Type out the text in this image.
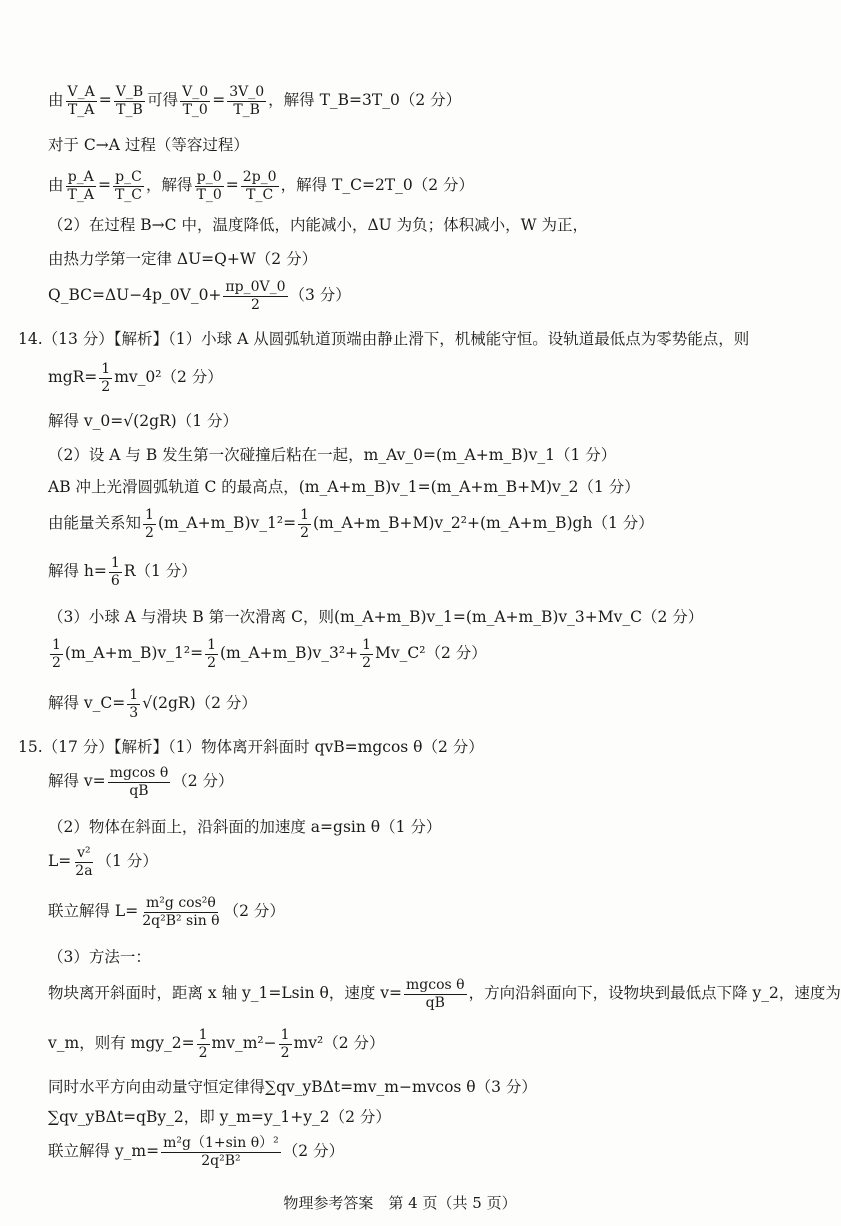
物理参考答案　第 4 页（共 5 页）
由 $\frac{V\_A}{T\_A} = \frac{V\_B}{T\_B}$ 可得 $\frac{V\_0}{T\_0} = \frac{3V\_0}{T\_B}$ ，解得 T_B=3T_0（2 分）
对于 C→A 过程（等容过程）
由 $\frac{p\_A}{T\_A} = \frac{p\_C}{T\_C}$ ，解得 $\frac{p\_0}{T\_0} = \frac{2p\_0}{T\_C}$ ，解得 T_C=2T_0（2 分）
（2）在过程 B→C 中，温度降低，内能减小，ΔU 为负；体积减小，W 为正，
由热力学第一定律 ΔU=Q+W（2 分）
Q_BC=ΔU−4p_0V_0+ $\frac{\pi p\_0V\_0}{2} (3$ 分）
14.（13 分）【解析】（1）小球 A 从圆弧轨道顶端由静止滑下，机械能守恒。设轨道最低点为零势能点，则
$mgR= \frac{1}{2}$ mv_0²（2 分）
解得 v_0=√(2gR)（1 分）
（2）设 A 与 B 发生第一次碰撞后粘在一起，m_Av_0=(m_A+m_B)v_1（1 分）
AB 冲上光滑圆弧轨道 C 的最高点，(m_A+m_B)v_1=(m_A+m_B+M)v_2（1 分）
由能量关系知 $\frac{1}{2}$ (m_A+m_B)v_1²= $\frac{1}{2}$ (m_A+m_B+M)v_2²+(m_A+m_B)gh（1 分）
解得 $h= \frac{1}{6} R(1$ 分）
（3）小球 A 与滑块 B 第一次滑离 C，则(m_A+m_B)v_1=(m_A+m_B)v_3+Mv_C（2 分）
$\frac{1}{2}$ (m_A+m_B)v_1²= $\frac{1}{2}$ (m_A+m_B)v_3²+ $\frac{1}{2}$ Mv_C²（2 分）
解得 v_C= $\frac{1}{3} √(2gR)(2$ 分）
15.（17 分）【解析】（1）物体离开斜面时 qvB=mgcos θ（2 分）
解得 $v= \frac{\text{mgcos θ}}{qB} (2$ 分）
（2）物体在斜面上，沿斜面的加速度 a=gsin θ（1 分）
$L= \frac{\text{v²}}{2a} (1$ 分）
联立解得 $L= \frac{\text{m²g cos²θ}}{\text{2q²B² sin θ}} (2$ 分）
（3）方法一：
物块离开斜面时，距离 x 轴 y_1=Lsin θ，速度 $v= \frac{\text{mgcos θ}}{qB}$ ，方向沿斜面向下，设物块到最低点下降 y_2，速度为
v_m，则有 mgy_2= $\frac{1}{2}$ mv_m²− $\frac{1}{2} mv^2(2$ 分）
同时水平方向由动量守恒定律得∑qv_yBΔt=mv_m−mvcos θ（3 分）
∑qv_yBΔt=qBy_2，即 y_m=y_1+y_2（2 分）
联立解得 y_m= $\frac{\text{m²g（1+sin θ）²}}{\text{2q²B²}} (2$ 分）
